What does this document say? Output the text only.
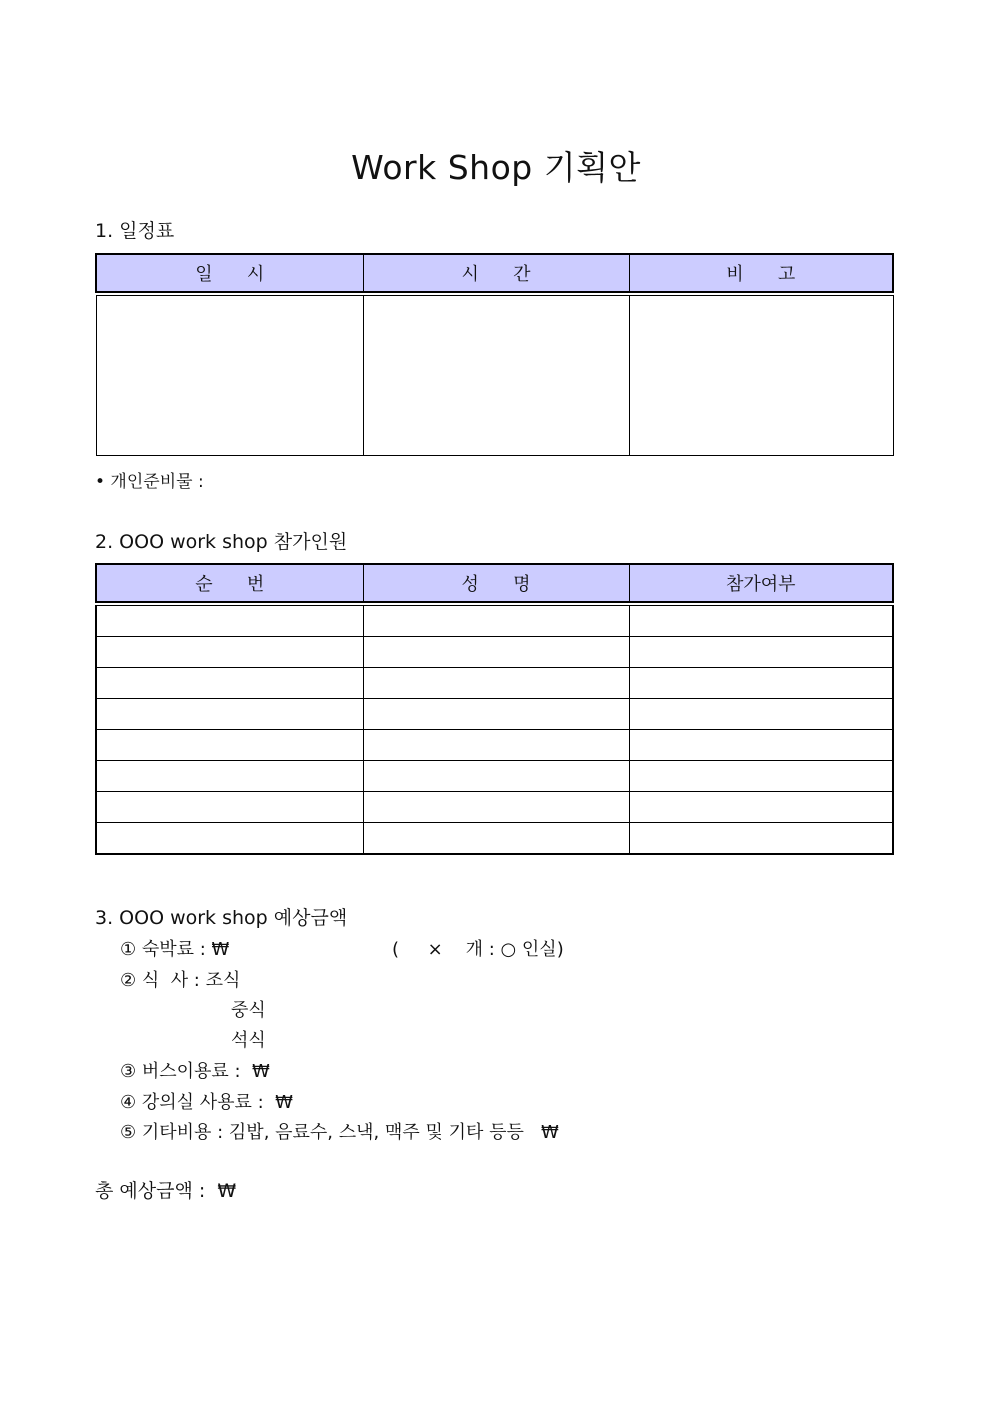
Work Shop 기획안
1. 일정표
일      시	시      간	비      고

• 개인준비물 :
2. OOO work shop 참가인원
순      번	성      명	참가여부

3. OOO work shop 예상금액
① 숙박료 : ₩	(     ×    개 : ○ 인실)
② 식  사 : 조식
중식
석식
③ 버스이용료 :  ₩
④ 강의실 사용료 :  ₩
⑤ 기타비용 : 김밥, 음료수, 스낵, 맥주 및 기타 등등   ₩
총 예상금액 :  ₩
